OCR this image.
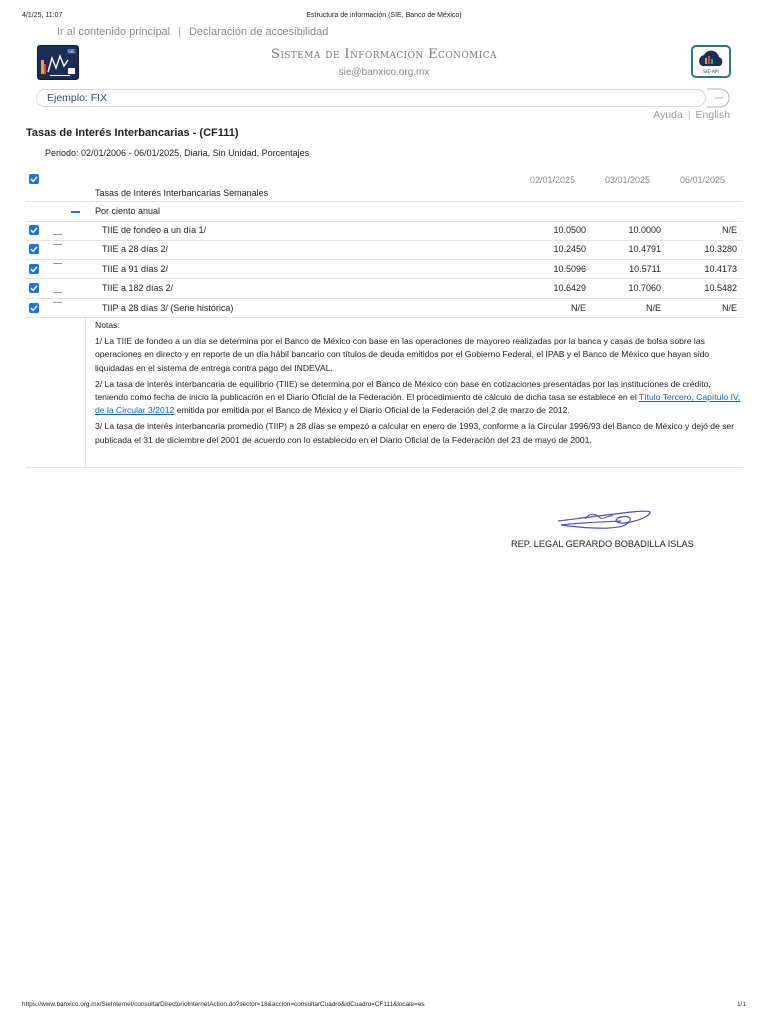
4/1/25, 11:07	Estructura de información (SIE, Banco de México)
Ir al contenido principal | Declaración de accesibilidad
SIE	Sistema de Información Económica
sie@banxico.org.mx	SIE-API
Ejemplo: FIX
Ayuda | English
Tasas de Interés Interbancarias - (CF111)
Periodo: 02/01/2006 - 06/01/2025, Diaria, Sin Unidad, Porcentajes
02/01/2025	03/01/2025	06/01/2025
Tasas de Interés Interbancarias Semanales
Por ciento anual
TIIE de fondeo a un día 1/	10.0500	10.0000	N/E
TIIE a 28 días 2/	10.2450	10.4791	10.3280
TIIE a 91 días 2/	10.5096	10.5711	10.4173
TIIE a 182 días 2/	10.6429	10.7060	10.5482
TIIP a 28 días 3/ (Serie histórica)	N/E	N/E	N/E

Notas:

1/ La TIIE de fondeo a un día se determina por el Banco de México con base en las operaciones de mayoreo realizadas por la banca y casas de bolsa sobre las operaciones en directo y en reporte de un día hábil bancario con títulos de deuda emitidos por el Gobierno Federal, el IPAB y el Banco de México que hayan sido liquidadas en el sistema de entrega contra pago del INDEVAL.

2/ La tasa de interés interbancaria de equilibrio (TIIE) se determina por el Banco de México con base en cotizaciones presentadas por las instituciones de crédito, teniendo como fecha de inicio la publicación en el Diario Oficial de la Federación. El procedimiento de cálculo de dicha tasa se establece en el Título Tercero, Capítulo IV, de la Circular 3/2012 emitida por emitida por el Banco de México y el Diario Oficial de la Federación del 2 de marzo de 2012.

3/ La tasa de interés interbancaria promedio (TIIP) a 28 días se empezó a calcular en enero de 1993, conforme a la Circular 1996/93 del Banco de México y dejó de ser publicada el 31 de diciembre del 2001 de acuerdo con lo establecido en el Diario Oficial de la Federación del 23 de mayo de 2001.

REP. LEGAL GERARDO BOBADILLA ISLAS
https://www.banxico.org.mx/SieInternet/consultarDirectorioInternetAction.do?sector=18&accion=consultarCuadro&idCuadro=CF111&locale=es	1/1
